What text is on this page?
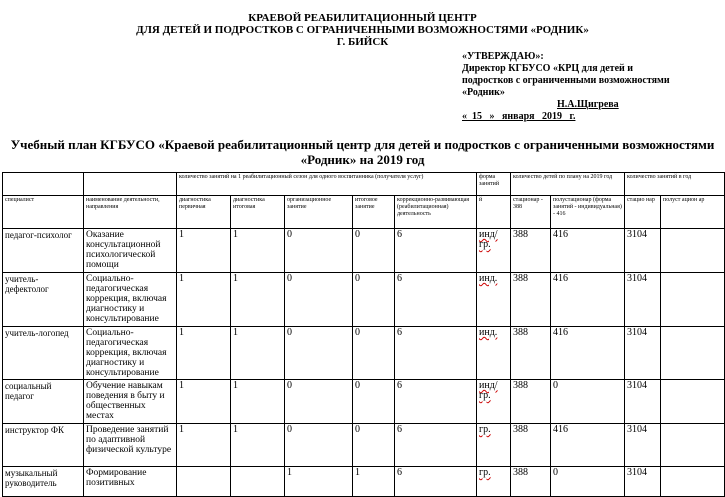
КРАЕВОЙ РЕАБИЛИТАЦИОННЫЙ ЦЕНТР
ДЛЯ ДЕТЕЙ И ПОДРОСТКОВ С ОГРАНИЧЕННЫМИ ВОЗМОЖНОСТЯМИ «РОДНИК»
Г. БИЙСК
«УТВЕРЖДАЮ»:
Директор КГБУСО «КРЦ для детей и
подростков с ограниченными возможностями
«Родник»
Н.А.Щигрева
«  15   »   января   2019   г.
Учебный план КГБУСО «Краевой реабилитационный центр для детей и подростков с ограниченными возможностями
«Родник» на 2019 год
		количество занятий на 1 реабилитационный сезон для одного воспитанника (получателя услуг)					форма занятий	количество детей по плану на 2019 год		количество занятий в год	
специалист	наименование деятельности, направления	диагностика первичная	диагностика итоговая	организационное занятие	итоговое занятие	коррекционно-развивающая (реабилитационная) деятельность	й	стационар - 388	полустационар (форма занятий - индивидуальная) - 416	стацио нар	полуст ацион ар
педагог-психолог	Оказание консультационной психологической помощи	1	1	0	0	6	инд/гр.	388	416	3104	
учитель-дефектолог	Социально-педагогическая коррекция, включая диагностику и консультирование	1	1	0	0	6	инд.	388	416	3104	
учитель-логопед	Социально-педагогическая коррекция, включая диагностику и консультирование	1	1	0	0	6	инд.	388	416	3104	
социальный педагог	Обучение навыкам поведения в быту и общественных местах	1	1	0	0	6	инд/гр.	388	0	3104	
инструктор ФК	Проведение занятий по адаптивной физической культуре	1	1	0	0	6	гр.	388	416	3104	
музыкальный руководитель	Формирование позитивных			1	1	6	гр.	388	0	3104	
